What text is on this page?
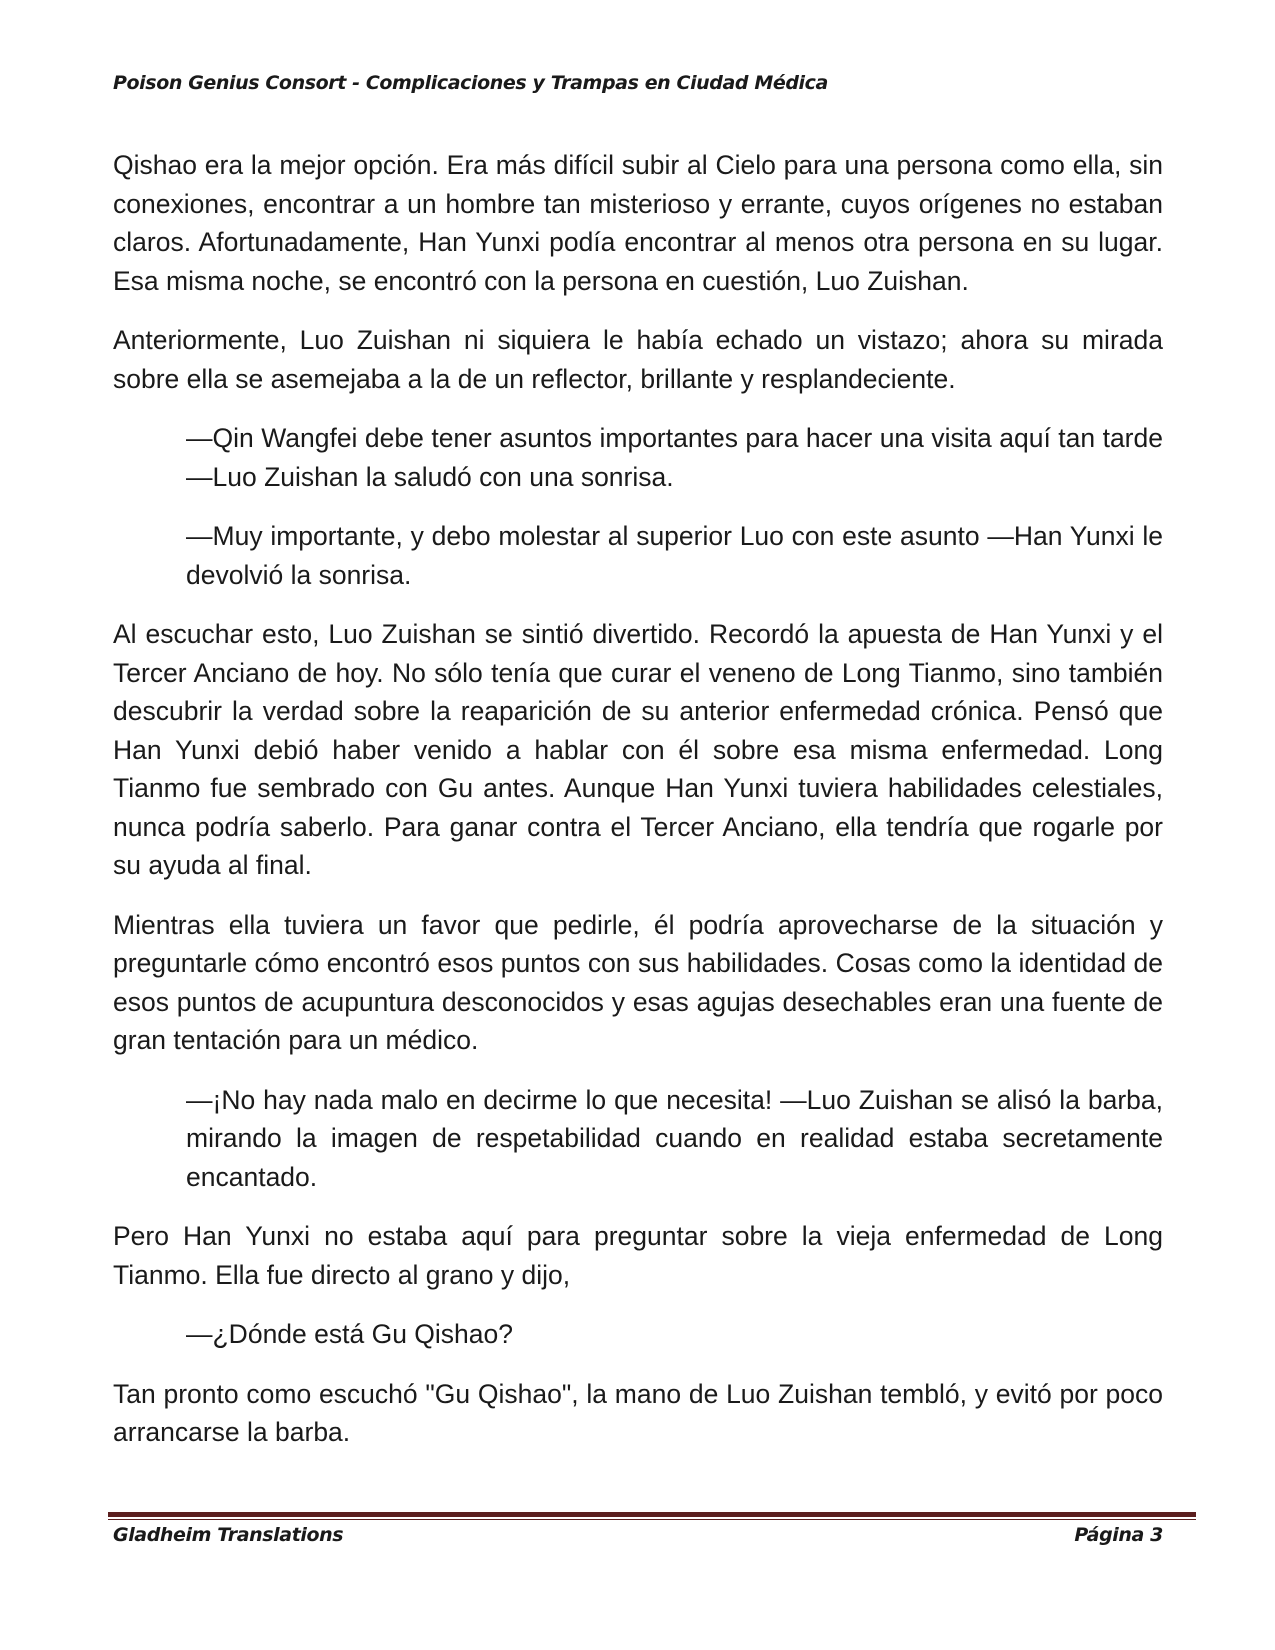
Poison Genius Consort - Complicaciones y Trampas en Ciudad Médica

Qishao era la mejor opción. Era más difícil subir al Cielo para una persona como ella, sin conexiones, encontrar a un hombre tan misterioso y errante, cuyos orígenes no estaban claros. Afortunadamente, Han Yunxi podía encontrar al menos otra persona en su lugar. Esa misma noche, se encontró con la persona en cuestión, Luo Zuishan.

Anteriormente, Luo Zuishan ni siquiera le había echado un vistazo; ahora su mirada sobre ella se asemejaba a la de un reflector, brillante y resplandeciente.

—Qin Wangfei debe tener asuntos importantes para hacer una visita aquí tan tarde —Luo Zuishan la saludó con una sonrisa.

—Muy importante, y debo molestar al superior Luo con este asunto —Han Yunxi le devolvió la sonrisa.

Al escuchar esto, Luo Zuishan se sintió divertido. Recordó la apuesta de Han Yunxi y el Tercer Anciano de hoy. No sólo tenía que curar el veneno de Long Tianmo, sino también descubrir la verdad sobre la reaparición de su anterior enfermedad crónica. Pensó que Han Yunxi debió haber venido a hablar con él sobre esa misma enfermedad. Long Tianmo fue sembrado con Gu antes. Aunque Han Yunxi tuviera habilidades celestiales, nunca podría saberlo. Para ganar contra el Tercer Anciano, ella tendría que rogarle por su ayuda al final.

Mientras ella tuviera un favor que pedirle, él podría aprovecharse de la situación y preguntarle cómo encontró esos puntos con sus habilidades. Cosas como la identidad de esos puntos de acupuntura desconocidos y esas agujas desechables eran una fuente de gran tentación para un médico.

—¡No hay nada malo en decirme lo que necesita! —Luo Zuishan se alisó la barba, mirando la imagen de respetabilidad cuando en realidad estaba secretamente encantado.

Pero Han Yunxi no estaba aquí para preguntar sobre la vieja enfermedad de Long Tianmo. Ella fue directo al grano y dijo,

—¿Dónde está Gu Qishao?

Tan pronto como escuchó "Gu Qishao", la mano de Luo Zuishan tembló, y evitó por poco arrancarse la barba.

Gladheim Translations	Página 3
